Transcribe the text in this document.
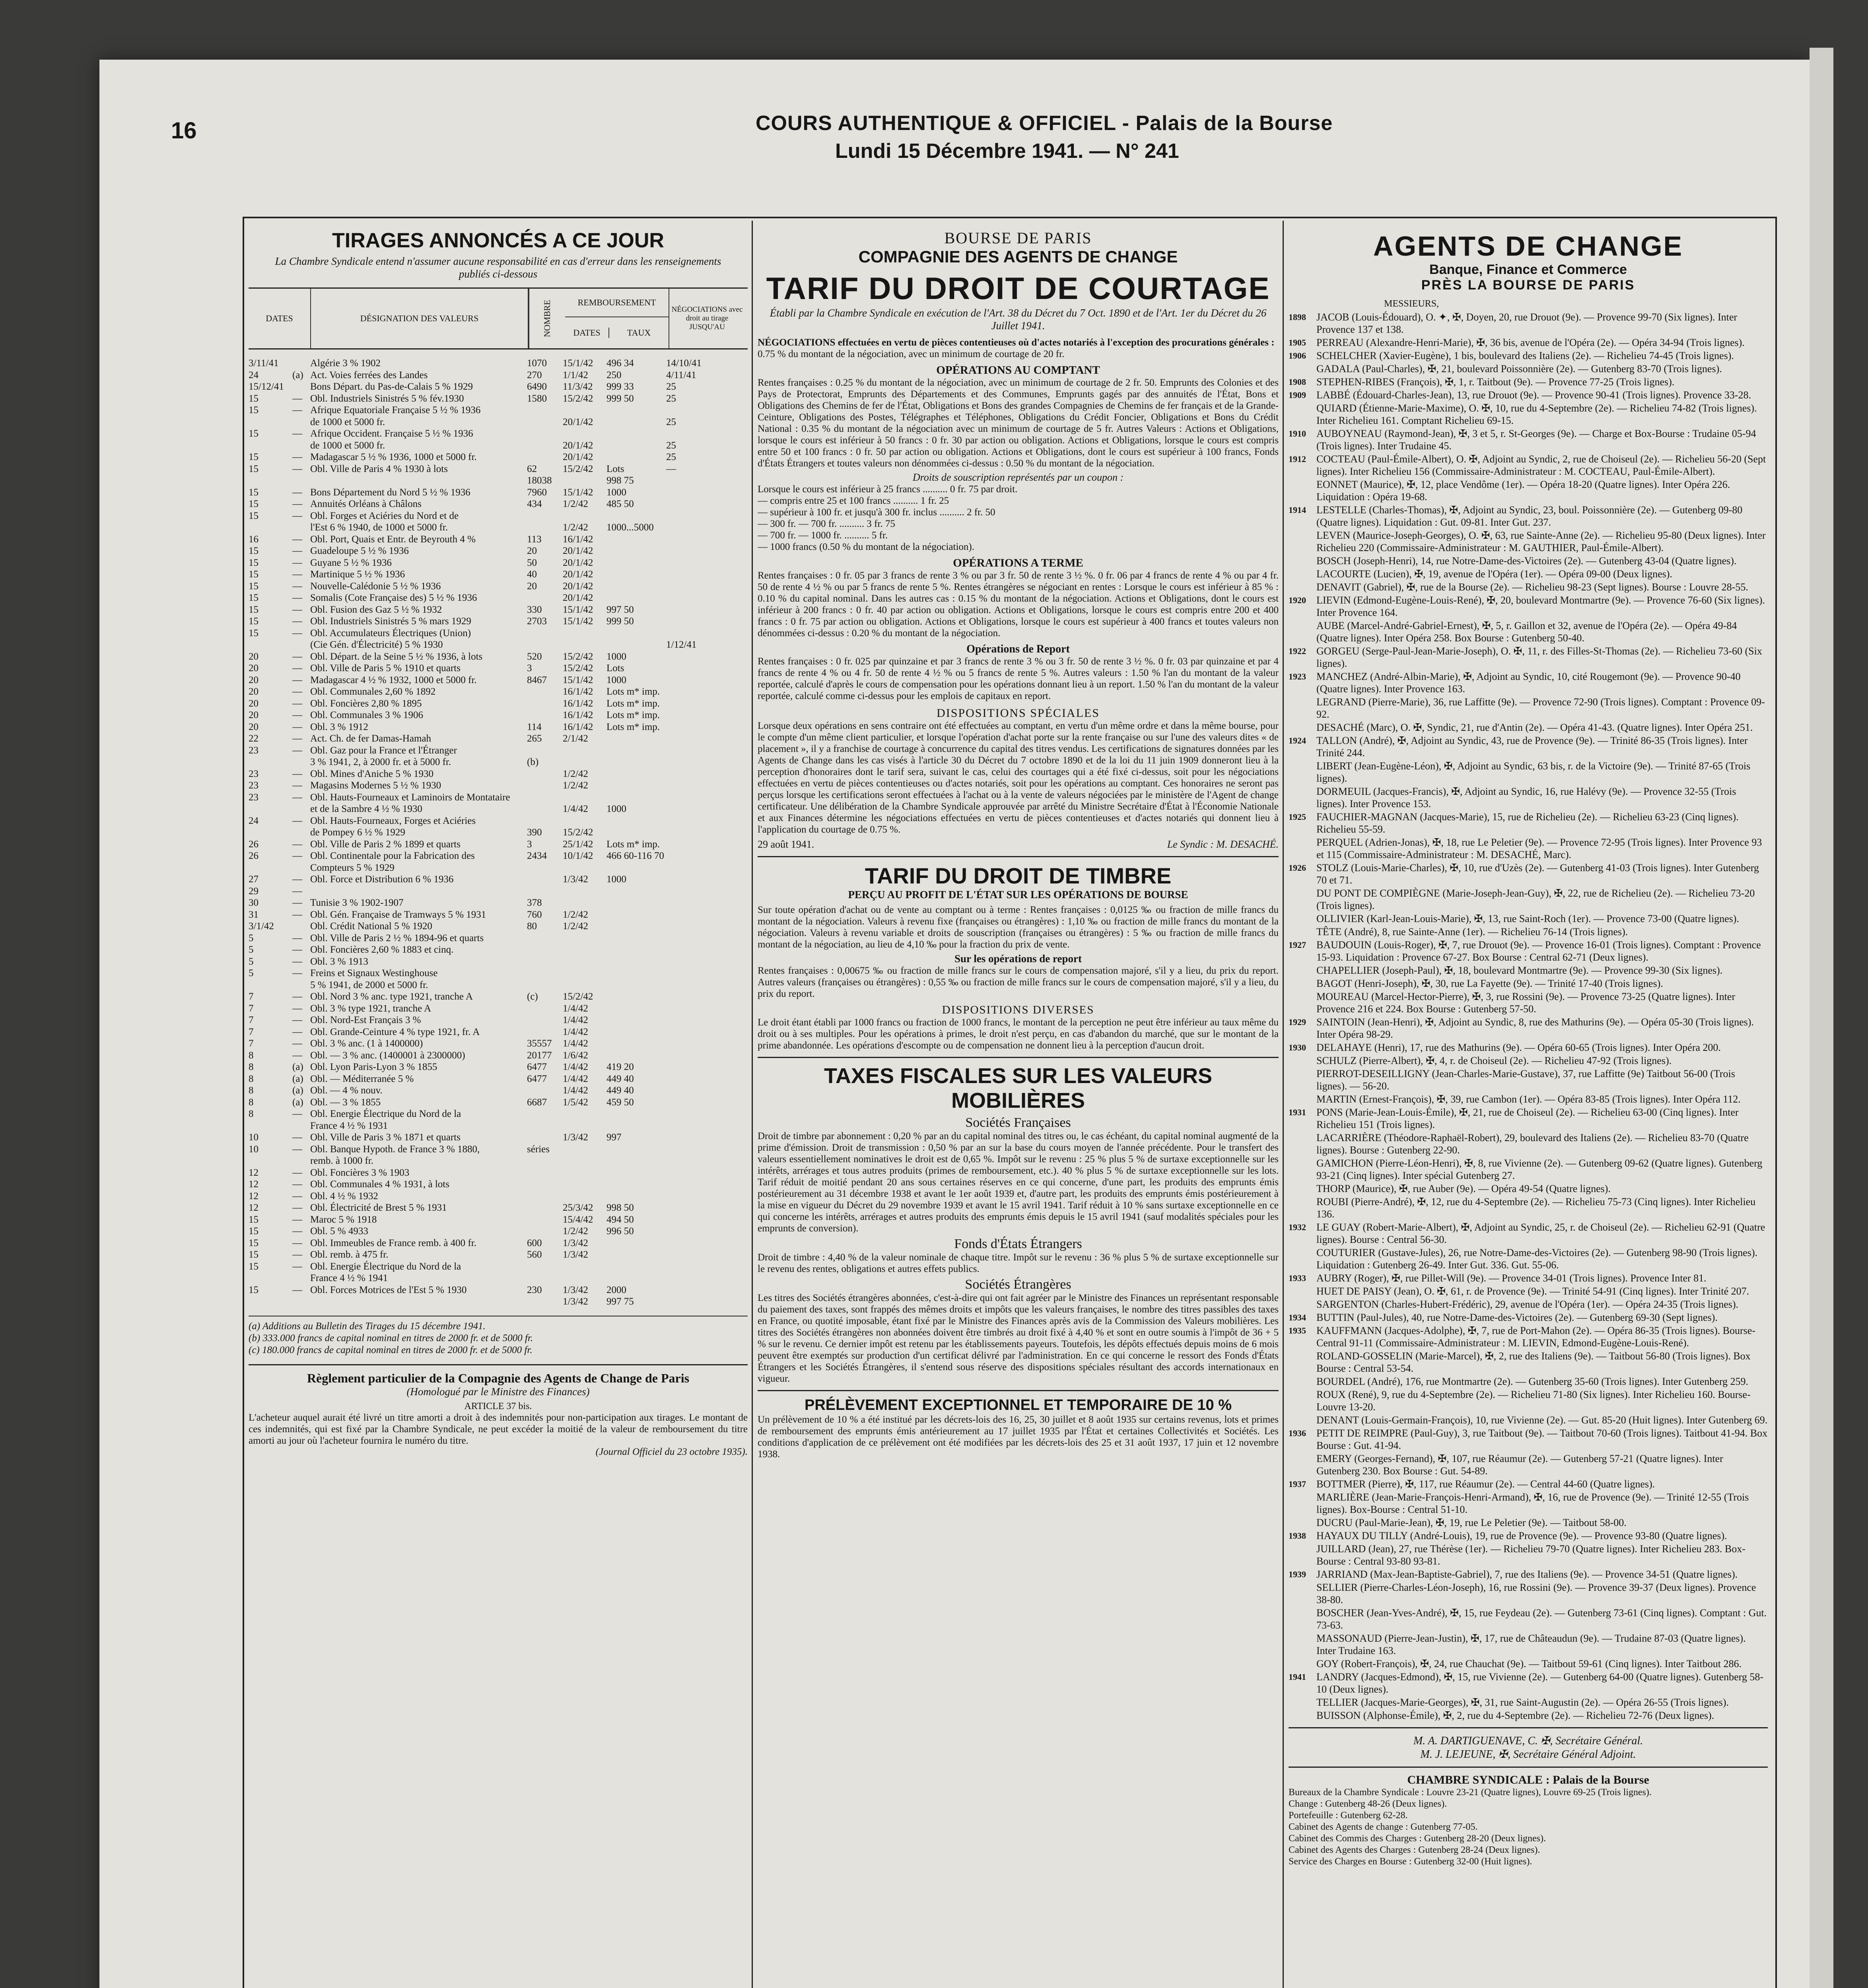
16	COURS AUTHENTIQUE & OFFICIEL - Palais de la Bourse
Lundi 15 Décembre 1941. — N° 241
TIRAGES ANNONCÉS A CE JOUR
La Chambre Syndicale entend n'assumer aucune responsabilité en cas d'erreur dans les renseignements publiés ci-dessous
DATES	DÉSIGNATION DES VALEURS	NOMBRE	REMBOURSEMENT
DATES	TAUX
NÉGOCIATIONS avec droit au tirage JUSQU'AU
3/11/41	Algérie 3 % 1902	1070	15/1/42	496 34	14/10/41
24	(a) Act. Voies ferrées des Landes	270	1/1/42	250	4/11/41
15/12/41	Bons Départ. du Pas-de-Calais 5 % 1929	6490	11/3/42	999 33	25
15	— Obl. Industriels Sinistrés 5 % fév.1930	1580	15/2/42	999 50	25
15	— Afrique Equatoriale Française 5 ½ % 1936
de 1000 et 5000 fr.	20/1/42	25
15	— Afrique Occident. Française 5 ½ % 1936
de 1000 et 5000 fr.	20/1/42	25
15	— Madagascar 5 ½ % 1936, 1000 et 5000 fr.	20/1/42	25
15	— Obl. Ville de Paris 4 % 1930 à lots	62	15/2/42	Lots	—
18038	998 75
15	— Bons Département du Nord 5 ½ % 1936	7960	15/1/42	1000
15	— Annuités Orléans à Châlons	434	1/2/42	485 50
15	— Obl. Forges et Aciéries du Nord et de
l'Est 6 % 1940, de 1000 et 5000 fr.	1/2/42	1000...5000
16	— Obl. Port, Quais et Entr. de Beyrouth 4 %	113	16/1/42
15	— Guadeloupe 5 ½ % 1936	20	20/1/42
15	— Guyane 5 ½ % 1936	50	20/1/42
15	— Martinique 5 ½ % 1936	40	20/1/42
15	— Nouvelle-Calédonie 5 ½ % 1936	20	20/1/42
15	— Somalis (Cote Française des) 5 ½ % 1936	20/1/42
15	— Obl. Fusion des Gaz 5 ½ % 1932	330	15/1/42	997 50
15	— Obl. Industriels Sinistrés 5 % mars 1929	2703	15/1/42	999 50
15	— Obl. Accumulateurs Électriques (Union)
(Cie Gén. d'Électricité) 5 % 1930	1/12/41
20	— Obl. Départ. de la Seine 5 ½ % 1936, à lots	520	15/2/42	1000
20	— Obl. Ville de Paris 5 % 1910 et quarts	3	15/2/42	Lots
20	— Madagascar 4 ½ % 1932, 1000 et 5000 fr.	8467	15/1/42	1000
20	— Obl. Communales 2,60 % 1892	16/1/42	Lots m* imp.
20	— Obl. Foncières 2,80 % 1895	16/1/42	Lots m* imp.
20	— Obl. Communales 3 % 1906	16/1/42	Lots m* imp.
20	— Obl. 3 % 1912	114	16/1/42	Lots m* imp.
22	— Act. Ch. de fer Damas-Hamah	265	2/1/42
23	— Obl. Gaz pour la France et l'Étranger
3 % 1941, 2, à 2000 fr. et à 5000 fr.	(b)
23	— Obl. Mines d'Aniche 5 % 1930	1/2/42
23	— Magasins Modernes 5 ½ % 1930	1/2/42
23	— Obl. Hauts-Fourneaux et Laminoirs de Montataire
et de la Sambre 4 ½ % 1930	1/4/42	1000
24	— Obl. Hauts-Fourneaux, Forges et Aciéries
de Pompey 6 ½ % 1929	390	15/2/42
26	— Obl. Ville de Paris 2 % 1899 et quarts	3	25/1/42	Lots m* imp.
26	— Obl. Continentale pour la Fabrication des	2434	10/1/42	466 60-116 70
Compteurs 5 % 1929
27	— Obl. Force et Distribution 6 % 1936	1/3/42	1000
29	—
30	— Tunisie 3 % 1902-1907	378
31	— Obl. Gén. Française de Tramways 5 % 1931	760	1/2/42
3/1/42	Obl. Crédit National 5 % 1920	80	1/2/42
5	— Obl. Ville de Paris 2 ½ % 1894-96 et quarts
5	— Obl. Foncières 2,60 % 1883 et cinq.
5	— Obl. 3 % 1913
5	— Freins et Signaux Westinghouse
5 % 1941, de 2000 et 5000 fr.
7	— Obl. Nord 3 % anc. type 1921, tranche A	(c)	15/2/42
7	— Obl. 3 % type 1921, tranche A	1/4/42
7	— Obl. Nord-Est Français 3 %	1/4/42
7	— Obl. Grande-Ceinture 4 % type 1921, fr. A	1/4/42
7	— Obl. 3 % anc. (1 à 1400000)	35557	1/4/42
8	— Obl. — 3 % anc. (1400001 à 2300000)	20177	1/6/42
8	(a) Obl. Lyon Paris-Lyon 3 % 1855	6477	1/4/42	419 20
8	(a) Obl. — Méditerranée 5 %	6477	1/4/42	449 40
8	(a) Obl. — 4 % nouv.	1/4/42	449 40
8	(a) Obl. — 3 % 1855	6687	1/5/42	459 50
8	— Obl. Energie Électrique du Nord de la
France 4 ½ % 1931
10	— Obl. Ville de Paris 3 % 1871 et quarts	1/3/42	997
10	— Obl. Banque Hypoth. de France 3 % 1880,	séries
remb. à 1000 fr.
12	— Obl. Foncières 3 % 1903
12	— Obl. Communales 4 % 1931, à lots
12	— Obl. 4 ½ % 1932
12	— Obl. Électricité de Brest 5 % 1931	25/3/42	998 50
15	— Maroc 5 % 1918	15/4/42	494 50
15	— Obl. 5 % 4933	1/2/42	996 50
15	— Obl. Immeubles de France remb. à 400 fr.	600	1/3/42
15	— Obl. remb. à 475 fr.	560	1/3/42
15	— Obl. Energie Électrique du Nord de la
France 4 ½ % 1941
15	— Obl. Forces Motrices de l'Est 5 % 1930	230	1/3/42	2000
1/3/42	997 75
(a) Additions au Bulletin des Tirages du 15 décembre 1941.
(b) 333.000 francs de capital nominal en titres de 2000 fr. et de 5000 fr.
(c) 180.000 francs de capital nominal en titres de 2000 fr. et de 5000 fr.
Règlement particulier de la Compagnie des Agents de Change de Paris
(Homologué par le Ministre des Finances)
ARTICLE 37 bis.
L'acheteur auquel aurait été livré un titre amorti a droit à des indemnités pour non-participation aux tirages. Le montant de ces indemnités, qui est fixé par la Chambre Syndicale, ne peut excéder la moitié de la valeur de remboursement du titre amorti au jour où l'acheteur fournira le numéro du titre.
(Journal Officiel du 23 octobre 1935).
BOURSE DE PARIS
COMPAGNIE DES AGENTS DE CHANGE
TARIF DU DROIT DE COURTAGE
Établi par la Chambre Syndicale en exécution de l'Art. 38 du Décret du 7 Oct. 1890 et de l'Art. 1er du Décret du 26 Juillet 1941.
NÉGOCIATIONS effectuées en vertu de pièces contentieuses où d'actes notariés à l'exception des procurations générales :
0.75 % du montant de la négociation, avec un minimum de courtage de 20 fr.
OPÉRATIONS AU COMPTANT
Rentes françaises : 0.25 % du montant de la négociation, avec un minimum de courtage de 2 fr. 50. Emprunts des Colonies et des Pays de Protectorat, Emprunts des Départements et des Communes, Emprunts gagés par des annuités de l'État, Bons et Obligations des Chemins de fer de l'État, Obligations et Bons des grandes Compagnies de Chemins de fer français et de la Grande-Ceinture, Obligations des Postes, Télégraphes et Téléphones, Obligations du Crédit Foncier, Obligations et Bons du Crédit National : 0.35 % du montant de la négociation avec un minimum de courtage de 5 fr. Autres Valeurs : Actions et Obligations, lorsque le cours est inférieur à 50 francs : 0 fr. 30 par action ou obligation. Actions et Obligations, lorsque le cours est compris entre 50 et 100 francs : 0 fr. 50 par action ou obligation. Actions et Obligations, dont le cours est supérieur à 100 francs, Fonds d'États Étrangers et toutes valeurs non dénommées ci-dessus : 0.50 % du montant de la négociation.
Droits de souscription représentés par un coupon :
Lorsque le cours est inférieur à 25 francs .......... 0 fr. 75 par droit.
— compris entre 25 et 100 francs .......... 1 fr. 25
— supérieur à 100 fr. et jusqu'à 300 fr. inclus .......... 2 fr. 50
— 300 fr. — 700 fr. .......... 3 fr. 75
— 700 fr. — 1000 fr. .......... 5 fr.
— 1000 francs (0.50 % du montant de la négociation).
OPÉRATIONS A TERME
Rentes françaises : 0 fr. 05 par 3 francs de rente 3 % ou par 3 fr. 50 de rente 3 ½ %. 0 fr. 06 par 4 francs de rente 4 % ou par 4 fr. 50 de rente 4 ½ % ou par 5 francs de rente 5 %. Rentes étrangères se négociant en rentes : Lorsque le cours est inférieur à 85 % : 0.10 % du capital nominal. Dans les autres cas : 0.15 % du montant de la négociation. Actions et Obligations, dont le cours est inférieur à 200 francs : 0 fr. 40 par action ou obligation. Actions et Obligations, lorsque le cours est compris entre 200 et 400 francs : 0 fr. 75 par action ou obligation. Actions et Obligations, lorsque le cours est supérieur à 400 francs et toutes valeurs non dénommées ci-dessus : 0.20 % du montant de la négociation.
Opérations de Report
Rentes françaises : 0 fr. 025 par quinzaine et par 3 francs de rente 3 % ou 3 fr. 50 de rente 3 ½ %. 0 fr. 03 par quinzaine et par 4 francs de rente 4 % ou 4 fr. 50 de rente 4 ½ % ou 5 francs de rente 5 %. Autres valeurs : 1.50 % l'an du montant de la valeur reportée, calculé d'après le cours de compensation pour les opérations donnant lieu à un report. 1.50 % l'an du montant de la valeur reportée, calculé comme ci-dessus pour les emplois de capitaux en report.
DISPOSITIONS SPÉCIALES
Lorsque deux opérations en sens contraire ont été effectuées au comptant, en vertu d'un même ordre et dans la même bourse, pour le compte d'un même client particulier, et lorsque l'opération d'achat porte sur la rente française ou sur l'une des valeurs dites « de placement », il y a franchise de courtage à concurrence du capital des titres vendus. Les certifications de signatures données par les Agents de Change dans les cas visés à l'article 30 du Décret du 7 octobre 1890 et de la loi du 11 juin 1909 donneront lieu à la perception d'honoraires dont le tarif sera, suivant le cas, celui des courtages qui a été fixé ci-dessus, soit pour les négociations effectuées en vertu de pièces contentieuses ou d'actes notariés, soit pour les opérations au comptant. Ces honoraires ne seront pas perçus lorsque les certifications seront effectuées à l'achat ou à la vente de valeurs négociées par le ministère de l'Agent de change certificateur. Une délibération de la Chambre Syndicale approuvée par arrêté du Ministre Secrétaire d'État à l'Économie Nationale et aux Finances détermine les négociations effectuées en vertu de pièces contentieuses et d'actes notariés qui donnent lieu à l'application du courtage de 0.75 %.
29 août 1941.	Le Syndic : M. DESACHÉ.
TARIF DU DROIT DE TIMBRE
PERÇU AU PROFIT DE L'ÉTAT SUR LES OPÉRATIONS DE BOURSE
Sur toute opération d'achat ou de vente au comptant ou à terme : Rentes françaises : 0,0125 ‰ ou fraction de mille francs du montant de la négociation. Valeurs à revenu fixe (françaises ou étrangères) : 1,10 ‰ ou fraction de mille francs du montant de la négociation. Valeurs à revenu variable et droits de souscription (françaises ou étrangères) : 5 ‰ ou fraction de mille francs du montant de la négociation, au lieu de 4,10 ‰ pour la fraction du prix de vente.
Sur les opérations de report
Rentes françaises : 0,00675 ‰ ou fraction de mille francs sur le cours de compensation majoré, s'il y a lieu, du prix du report. Autres valeurs (françaises ou étrangères) : 0,55 ‰ ou fraction de mille francs sur le cours de compensation majoré, s'il y a lieu, du prix du report.
DISPOSITIONS DIVERSES
Le droit étant établi par 1000 francs ou fraction de 1000 francs, le montant de la perception ne peut être inférieur au taux même du droit ou à ses multiples. Pour les opérations à primes, le droit n'est perçu, en cas d'abandon du marché, que sur le montant de la prime abandonnée. Les opérations d'escompte ou de compensation ne donnent lieu à la perception d'aucun droit.
TAXES FISCALES SUR LES VALEURS MOBILIÈRES
Sociétés Françaises
Droit de timbre par abonnement : 0,20 % par an du capital nominal des titres ou, le cas échéant, du capital nominal augmenté de la prime d'émission. Droit de transmission : 0,50 % par an sur la base du cours moyen de l'année précédente. Pour le transfert des valeurs essentiellement nominatives le droit est de 0,65 %. Impôt sur le revenu : 25 % plus 5 % de surtaxe exceptionnelle sur les intérêts, arrérages et tous autres produits (primes de remboursement, etc.). 40 % plus 5 % de surtaxe exceptionnelle sur les lots. Tarif réduit de moitié pendant 20 ans sous certaines réserves en ce qui concerne, d'une part, les produits des emprunts émis postérieurement au 31 décembre 1938 et avant le 1er août 1939 et, d'autre part, les produits des emprunts émis postérieurement à la mise en vigueur du Décret du 29 novembre 1939 et avant le 15 avril 1941. Tarif réduit à 10 % sans surtaxe exceptionnelle en ce qui concerne les intérêts, arrérages et autres produits des emprunts émis depuis le 15 avril 1941 (sauf modalités spéciales pour les emprunts de conversion).
Fonds d'États Étrangers
Droit de timbre : 4,40 % de la valeur nominale de chaque titre. Impôt sur le revenu : 36 % plus 5 % de surtaxe exceptionnelle sur le revenu des rentes, obligations et autres effets publics.
Sociétés Étrangères
Les titres des Sociétés étrangères abonnées, c'est-à-dire qui ont fait agréer par le Ministre des Finances un représentant responsable du paiement des taxes, sont frappés des mêmes droits et impôts que les valeurs françaises, le nombre des titres passibles des taxes en France, ou quotité imposable, étant fixé par le Ministre des Finances après avis de la Commission des Valeurs mobilières. Les titres des Sociétés étrangères non abonnées doivent être timbrés au droit fixé à 4,40 % et sont en outre soumis à l'impôt de 36 + 5 % sur le revenu. Ce dernier impôt est retenu par les établissements payeurs. Toutefois, les dépôts effectués depuis moins de 6 mois peuvent être exemptés sur production d'un certificat délivré par l'administration. En ce qui concerne le ressort des Fonds d'États Étrangers et les Sociétés Étrangères, il s'entend sous réserve des dispositions spéciales résultant des accords internationaux en vigueur.
PRÉLÈVEMENT EXCEPTIONNEL ET TEMPORAIRE DE 10 %
Un prélèvement de 10 % a été institué par les décrets-lois des 16, 25, 30 juillet et 8 août 1935 sur certains revenus, lots et primes de remboursement des emprunts émis antérieurement au 17 juillet 1935 par l'État et certaines Collectivités et Sociétés. Les conditions d'application de ce prélèvement ont été modifiées par les décrets-lois des 25 et 31 août 1937, 17 juin et 12 novembre 1938.
AGENTS DE CHANGE
Banque, Finance et Commerce
PRÈS LA BOURSE DE PARIS
MESSIEURS,
1898	JACOB (Louis-Édouard), O. ✦, ✠, Doyen, 20, rue Drouot (9e). — Provence 99-70 (Six lignes). Inter Provence 137 et 138.
1905	PERREAU (Alexandre-Henri-Marie), ✠, 36 bis, avenue de l'Opéra (2e). — Opéra 34-94 (Trois lignes).
1906	SCHELCHER (Xavier-Eugène), 1 bis, boulevard des Italiens (2e). — Richelieu 74-45 (Trois lignes).
GADALA (Paul-Charles), ✠, 21, boulevard Poissonnière (2e). — Gutenberg 83-70 (Trois lignes).
1908	STEPHEN-RIBES (François), ✠, 1, r. Taitbout (9e). — Provence 77-25 (Trois lignes).
1909	LABBÉ (Édouard-Charles-Jean), 13, rue Drouot (9e). — Provence 90-41 (Trois lignes). Provence 33-28.
QUIARD (Étienne-Marie-Maxime), O. ✠, 10, rue du 4-Septembre (2e). — Richelieu 74-82 (Trois lignes). Inter Richelieu 161. Comptant Richelieu 69-15.
1910	AUBOYNEAU (Raymond-Jean), ✠, 3 et 5, r. St-Georges (9e). — Charge et Box-Bourse : Trudaine 05-94 (Trois lignes). Inter Trudaine 45.
1912	COCTEAU (Paul-Émile-Albert), O. ✠, Adjoint au Syndic, 2, rue de Choiseul (2e). — Richelieu 56-20 (Sept lignes). Inter Richelieu 156 (Commissaire-Administrateur : M. COCTEAU, Paul-Émile-Albert).
EONNET (Maurice), ✠, 12, place Vendôme (1er). — Opéra 18-20 (Quatre lignes). Inter Opéra 226. Liquidation : Opéra 19-68.
1914	LESTELLE (Charles-Thomas), ✠, Adjoint au Syndic, 23, boul. Poissonnière (2e). — Gutenberg 09-80 (Quatre lignes). Liquidation : Gut. 09-81. Inter Gut. 237.
LEVEN (Maurice-Joseph-Georges), O. ✠, 63, rue Sainte-Anne (2e). — Richelieu 95-80 (Deux lignes). Inter Richelieu 220 (Commissaire-Administrateur : M. GAUTHIER, Paul-Émile-Albert).
BOSCH (Joseph-Henri), 14, rue Notre-Dame-des-Victoires (2e). — Gutenberg 43-04 (Quatre lignes).
LACOURTE (Lucien), ✠, 19, avenue de l'Opéra (1er). — Opéra 09-00 (Deux lignes).
DENAVIT (Gabriel), ✠, rue de la Bourse (2e). — Richelieu 98-23 (Sept lignes). Bourse : Louvre 28-55.
1920	LIEVIN (Edmond-Eugène-Louis-René), ✠, 20, boulevard Montmartre (9e). — Provence 76-60 (Six lignes). Inter Provence 164.
AUBE (Marcel-André-Gabriel-Ernest), ✠, 5, r. Gaillon et 32, avenue de l'Opéra (2e). — Opéra 49-84 (Quatre lignes). Inter Opéra 258. Box Bourse : Gutenberg 50-40.
1922	GORGEU (Serge-Paul-Jean-Marie-Joseph), O. ✠, 11, r. des Filles-St-Thomas (2e). — Richelieu 73-60 (Six lignes).
1923	MANCHEZ (André-Albin-Marie), ✠, Adjoint au Syndic, 10, cité Rougemont (9e). — Provence 90-40 (Quatre lignes). Inter Provence 163.
LEGRAND (Pierre-Marie), 36, rue Laffitte (9e). — Provence 72-90 (Trois lignes). Comptant : Provence 09-92.
DESACHÉ (Marc), O. ✠, Syndic, 21, rue d'Antin (2e). — Opéra 41-43. (Quatre lignes). Inter Opéra 251.
1924	TALLON (André), ✠, Adjoint au Syndic, 43, rue de Provence (9e). — Trinité 86-35 (Trois lignes). Inter Trinité 244.
LIBERT (Jean-Eugène-Léon), ✠, Adjoint au Syndic, 63 bis, r. de la Victoire (9e). — Trinité 87-65 (Trois lignes).
DORMEUIL (Jacques-Francis), ✠, Adjoint au Syndic, 16, rue Halévy (9e). — Provence 32-55 (Trois lignes). Inter Provence 153.
1925	FAUCHIER-MAGNAN (Jacques-Marie), 15, rue de Richelieu (2e). — Richelieu 63-23 (Cinq lignes). Richelieu 55-59.
PERQUEL (Adrien-Jonas), ✠, 18, rue Le Peletier (9e). — Provence 72-95 (Trois lignes). Inter Provence 93 et 115 (Commissaire-Administrateur : M. DESACHÉ, Marc).
1926	STOLZ (Louis-Marie-Charles), ✠, 10, rue d'Uzès (2e). — Gutenberg 41-03 (Trois lignes). Inter Gutenberg 70 et 71.
DU PONT DE COMPIÈGNE (Marie-Joseph-Jean-Guy), ✠, 22, rue de Richelieu (2e). — Richelieu 73-20 (Trois lignes).
OLLIVIER (Karl-Jean-Louis-Marie), ✠, 13, rue Saint-Roch (1er). — Provence 73-00 (Quatre lignes).
TÊTE (André), 8, rue Sainte-Anne (1er). — Richelieu 76-14 (Trois lignes).
1927	BAUDOUIN (Louis-Roger), ✠, 7, rue Drouot (9e). — Provence 16-01 (Trois lignes). Comptant : Provence 15-93. Liquidation : Provence 67-27. Box Bourse : Central 62-71 (Deux lignes).
CHAPELLIER (Joseph-Paul), ✠, 18, boulevard Montmartre (9e). — Provence 99-30 (Six lignes).
BAGOT (Henri-Joseph), ✠, 30, rue La Fayette (9e). — Trinité 17-40 (Trois lignes).
MOUREAU (Marcel-Hector-Pierre), ✠, 3, rue Rossini (9e). — Provence 73-25 (Quatre lignes). Inter Provence 216 et 224. Box Bourse : Gutenberg 57-50.
1929	SAINTOIN (Jean-Henri), ✠, Adjoint au Syndic, 8, rue des Mathurins (9e). — Opéra 05-30 (Trois lignes). Inter Opéra 98-29.
1930	DELAHAYE (Henri), 17, rue des Mathurins (9e). — Opéra 60-65 (Trois lignes). Inter Opéra 200.
SCHULZ (Pierre-Albert), ✠, 4, r. de Choiseul (2e). — Richelieu 47-92 (Trois lignes).
PIERROT-DESEILLIGNY (Jean-Charles-Marie-Gustave), 37, rue Laffitte (9e) Taitbout 56-00 (Trois lignes). — 56-20.
MARTIN (Ernest-François), ✠, 39, rue Cambon (1er). — Opéra 83-85 (Trois lignes). Inter Opéra 112.
1931	PONS (Marie-Jean-Louis-Émile), ✠, 21, rue de Choiseul (2e). — Richelieu 63-00 (Cinq lignes). Inter Richelieu 151 (Trois lignes).
LACARRIÈRE (Théodore-Raphaël-Robert), 29, boulevard des Italiens (2e). — Richelieu 83-70 (Quatre lignes). Bourse : Gutenberg 22-90.
GAMICHON (Pierre-Léon-Henri), ✠, 8, rue Vivienne (2e). — Gutenberg 09-62 (Quatre lignes). Gutenberg 93-21 (Cinq lignes). Inter spécial Gutenberg 27.
THORP (Maurice), ✠, rue Auber (9e). — Opéra 49-54 (Quatre lignes).
ROUBI (Pierre-André), ✠, 12, rue du 4-Septembre (2e). — Richelieu 75-73 (Cinq lignes). Inter Richelieu 136.
1932	LE GUAY (Robert-Marie-Albert), ✠, Adjoint au Syndic, 25, r. de Choiseul (2e). — Richelieu 62-91 (Quatre lignes). Bourse : Central 56-30.
COUTURIER (Gustave-Jules), 26, rue Notre-Dame-des-Victoires (2e). — Gutenberg 98-90 (Trois lignes). Liquidation : Gutenberg 26-49. Inter Gut. 336. Gut. 55-06.
1933	AUBRY (Roger), ✠, rue Pillet-Will (9e). — Provence 34-01 (Trois lignes). Provence Inter 81.
HUET DE PAISY (Jean), O. ✠, 61, r. de Provence (9e). — Trinité 54-91 (Cinq lignes). Inter Trinité 207.
SARGENTON (Charles-Hubert-Frédéric), 29, avenue de l'Opéra (1er). — Opéra 24-35 (Trois lignes).
1934	BUTTIN (Paul-Jules), 40, rue Notre-Dame-des-Victoires (2e). — Gutenberg 69-30 (Sept lignes).
1935	KAUFFMANN (Jacques-Adolphe), ✠, 7, rue de Port-Mahon (2e). — Opéra 86-35 (Trois lignes). Bourse-Central 91-11 (Commissaire-Administrateur : M. LIEVIN, Edmond-Eugène-Louis-René).
ROLAND-GOSSELIN (Marie-Marcel), ✠, 2, rue des Italiens (9e). — Taitbout 56-80 (Trois lignes). Box Bourse : Central 53-54.
BOURDEL (André), 176, rue Montmartre (2e). — Gutenberg 35-60 (Trois lignes). Inter Gutenberg 259.
ROUX (René), 9, rue du 4-Septembre (2e). — Richelieu 71-80 (Six lignes). Inter Richelieu 160. Bourse-Louvre 13-20.
DENANT (Louis-Germain-François), 10, rue Vivienne (2e). — Gut. 85-20 (Huit lignes). Inter Gutenberg 69.
1936	PETIT DE REIMPRE (Paul-Guy), 3, rue Taitbout (9e). — Taitbout 70-60 (Trois lignes). Taitbout 41-94. Box Bourse : Gut. 41-94.
EMERY (Georges-Fernand), ✠, 107, rue Réaumur (2e). — Gutenberg 57-21 (Quatre lignes). Inter Gutenberg 230. Box Bourse : Gut. 54-89.
1937	BOTTMER (Pierre), ✠, 117, rue Réaumur (2e). — Central 44-60 (Quatre lignes).
MARLIÈRE (Jean-Marie-François-Henri-Armand), ✠, 16, rue de Provence (9e). — Trinité 12-55 (Trois lignes). Box-Bourse : Central 51-10.
DUCRU (Paul-Marie-Jean), ✠, 19, rue Le Peletier (9e). — Taitbout 58-00.
1938	HAYAUX DU TILLY (André-Louis), 19, rue de Provence (9e). — Provence 93-80 (Quatre lignes).
JUILLARD (Jean), 27, rue Thérèse (1er). — Richelieu 79-70 (Quatre lignes). Inter Richelieu 283. Box-Bourse : Central 93-80 93-81.
1939	JARRIAND (Max-Jean-Baptiste-Gabriel), 7, rue des Italiens (9e). — Provence 34-51 (Quatre lignes).
SELLIER (Pierre-Charles-Léon-Joseph), 16, rue Rossini (9e). — Provence 39-37 (Deux lignes). Provence 38-80.
BOSCHER (Jean-Yves-André), ✠, 15, rue Feydeau (2e). — Gutenberg 73-61 (Cinq lignes). Comptant : Gut. 73-63.
MASSONAUD (Pierre-Jean-Justin), ✠, 17, rue de Châteaudun (9e). — Trudaine 87-03 (Quatre lignes). Inter Trudaine 163.
GOY (Robert-François), ✠, 24, rue Chauchat (9e). — Taitbout 59-61 (Cinq lignes). Inter Taitbout 286.
1941	LANDRY (Jacques-Edmond), ✠, 15, rue Vivienne (2e). — Gutenberg 64-00 (Quatre lignes). Gutenberg 58-10 (Deux lignes).
TELLIER (Jacques-Marie-Georges), ✠, 31, rue Saint-Augustin (2e). — Opéra 26-55 (Trois lignes).
BUISSON (Alphonse-Émile), ✠, 2, rue du 4-Septembre (2e). — Richelieu 72-76 (Deux lignes).
M. A. DARTIGUENAVE, C. ✠, Secrétaire Général.
M. J. LEJEUNE, ✠, Secrétaire Général Adjoint.
CHAMBRE SYNDICALE : Palais de la Bourse
Bureaux de la Chambre Syndicale : Louvre 23-21 (Quatre lignes), Louvre 69-25 (Trois lignes).
Change : Gutenberg 48-26 (Deux lignes).
Portefeuille : Gutenberg 62-28.
Cabinet des Agents de change : Gutenberg 77-05.
Cabinet des Commis des Charges : Gutenberg 28-20 (Deux lignes).
Cabinet des Agents des Charges : Gutenberg 28-24 (Deux lignes).
Service des Charges en Bourse : Gutenberg 32-00 (Huit lignes).
